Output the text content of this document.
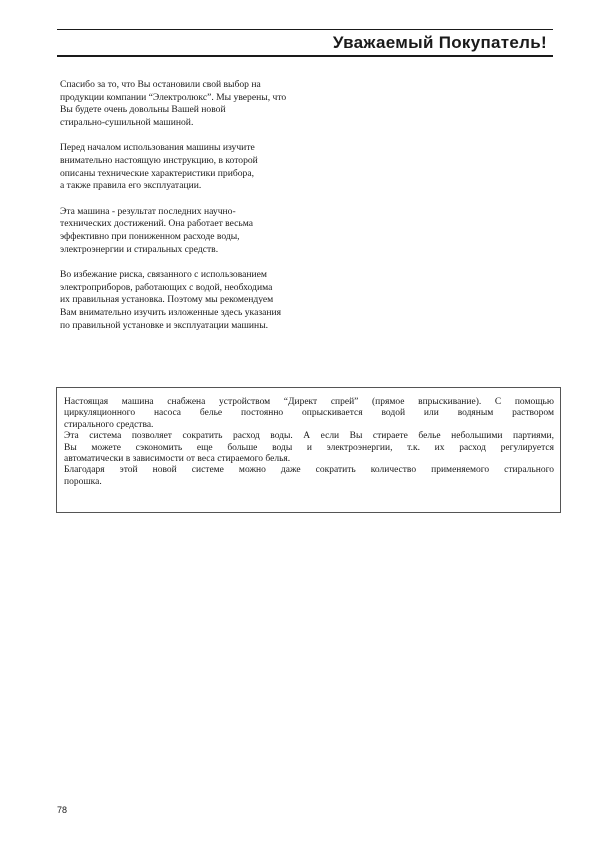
Уважаемый Покупатель!

Спасибо за то, что Вы остановили свой выбор на
продукции компании “Электролюкс”. Мы уверены, что
Вы будете очень довольны Вашей новой
стирально-сушильной машиной.

Перед началом использования машины изучите
внимательно настоящую инструкцию, в которой
описаны технические характеристики прибора,
а также правила его эксплуатации.

Эта машина - результат последних научно-
технических достижений. Она работает весьма
эффективно при пониженном расходе воды,
электроэнергии и стиральных средств.

Во избежание риска, связанного с использованием
электроприборов, работающих с водой, необходима
их правильная установка. Поэтому мы рекомендуем
Вам внимательно изучить изложенные здесь указания
по правильной установке и эксплуатации машины.

Настоящая машина снабжена устройством “Директ спрей” (прямое впрыскивание). С помощью
циркуляционного насоса белье постоянно опрыскивается водой или водяным раствором
стирального средства.
Эта система позволяет сократить расход воды. А если Вы стираете белье небольшими партиями,
Вы можете сэкономить еще больше воды и электроэнергии, т.к. их расход регулируется
автоматически в зависимости от веса стираемого белья.
Благодаря этой новой системе можно даже сократить количество применяемого стирального
порошка.
78
